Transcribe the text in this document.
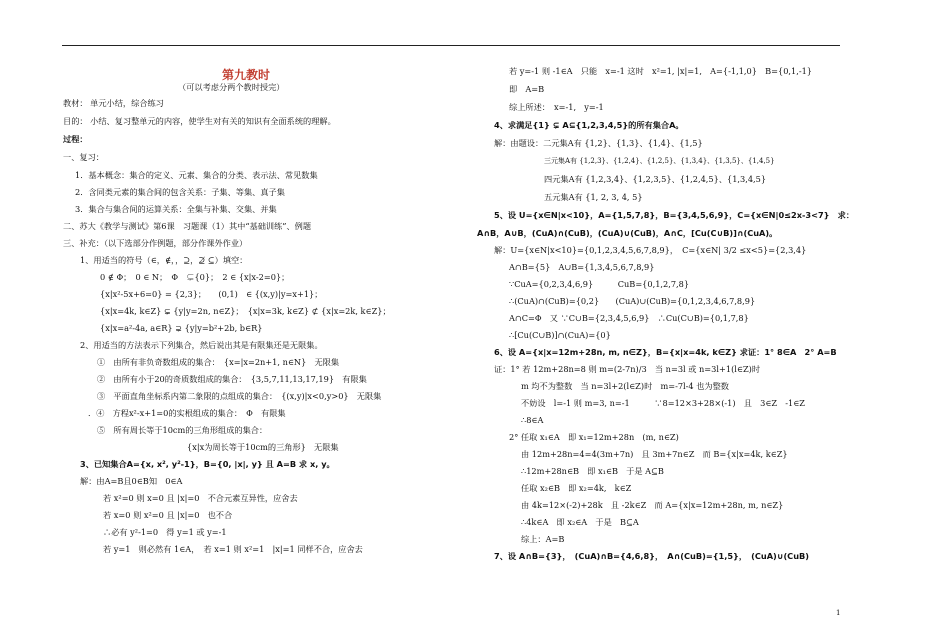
第九教时
（可以考虑分两个教时授完）
教材： 单元小结，综合练习
目的： 小结、复习整单元的内容，使学生对有关的知识有全面系统的理解。
过程：
一、复习：
1．基本概念：集合的定义、元素、集合的分类、表示法、常见数集
2．含同类元素的集合间的包含关系：子集、等集、真子集
3．集合与集合间的运算关系：全集与补集、交集、并集
二、苏大《教学与测试》第6课　习题课（1）其中“基础训练”、例题
三、补充：（以下选部分作例题，部分作课外作业）
1、用适当的符号（∈，∉，，⊇，⊉ ⊆）填空：
0 ∉ Φ；　0 ∈ N；　Φ　⊊{0}；　2 ∈ {x|x-2=0}；
{x|x²-5x+6=0} = {2,3}；　　(0,1)　∈ {(x,y)|y=x+1}；
{x|x=4k, k∈Z} ⊊ {y|y=2n, n∈Z}；　{x|x=3k, k∈Z} ⊄ {x|x=2k, k∈Z}；
{x|x=a²-4a, a∈R} ⊋ {y|y=b²+2b, b∈R}
2、用适当的方法表示下列集合，然后说出其是有限集还是无限集。
①　由所有非负奇数组成的集合：　{x=|x=2n+1, n∈N}　无限集
②　由所有小于20的奇质数组成的集合：　{3,5,7,11,13,17,19}　有限集
③　平面直角坐标系内第二象限的点组成的集合：　{(x,y)|x<0,y>0}　无限集
．④　方程x²-x+1=0的实根组成的集合：　Φ　有限集
⑤　所有周长等于10cm的三角形组成的集合：
{x|x为周长等于10cm的三角形}　无限集
3、已知集合A={x, x², y²-1}，B={0, |x|, y} 且 A=B 求 x, y。
解：由A=B且0∈B知　0∈A
若 x²=0 则 x=0 且 |x|=0　不合元素互异性，应舍去
若 x=0 则 x²=0 且 |x|=0　也不合
∴必有 y²-1=0　得 y=1 或 y=-1
若 y=1　则必然有 1∈A，　若 x=1 则 x²=1　|x|=1 同样不合，应舍去
若 y=-1 则 -1∈A　只能　x=-1 这时　x²=1, |x|=1,　A={-1,1,0}　B={0,1,-1}
即　A=B
综上所述：　x=-1,　y=-1
4、求满足{1} ⊊ A⊆{1,2,3,4,5}的所有集合A。
解：由题设：二元集A有 {1,2}、{1,3}、{1,4}、{1,5}
三元集A有 {1,2,3}、{1,2,4}、{1,2,5}、{1,3,4}、{1,3,5}、{1,4,5}
四元集A有 {1,2,3,4}、{1,2,3,5}、{1,2,4,5}、{1,3,4,5}
五元集A有 {1, 2, 3, 4, 5}
5、设 U={x∈N|x<10}，A={1,5,7,8}，B={3,4,5,6,9}，C={x∈N|0≤2x-3<7}　求：
A∩B，A∪B，(CuA)∩(CuB)，(CuA)∪(CuB)，A∩C，[Cu(C∪B)]∩(CuA)。
解：U={x∈N|x<10}={0,1,2,3,4,5,6,7,8,9}，　C={x∈N| 3/2 ≤x<5}={2,3,4}
A∩B={5}　A∪B={1,3,4,5,6,7,8,9}
∵CuA={0,2,3,4,6,9}　　　CuB={0,1,2,7,8}
∴(CuA)∩(CuB)={0,2}　　(CuA)∪(CuB)={0,1,2,3,4,6,7,8,9}
A∩C=Φ　又 ∵C∪B={2,3,4,5,6,9}　∴Cu(C∪B)={0,1,7,8}
∴[Cu(C∪B)]∩(CuA)={0}
6、设 A={x|x=12m+28n, m, n∈Z}，B={x|x=4k, k∈Z} 求证：1° 8∈A　2° A=B
证：1° 若 12m+28n=8 则 m=(2-7n)/3　当 n=3l 或 n=3l+1(l∈Z)时
m 均不为整数　当 n=3l+2(l∈Z)时　m=-7l-4 也为整数
不妨设　l=-1 则 m=3, n=-1　　　∵8=12×3+28×(-1)　且　3∈Z　-1∈Z
∴8∈A
2° 任取 x₁∈A　即 x₁=12m+28n　(m, n∈Z)
由 12m+28n=4=4(3m+7n)　且 3m+7n∈Z　而 B={x|x=4k, k∈Z}
∴12m+28n∈B　即 x₁∈B　于是 A⊆B
任取 x₂∈B　即 x₂=4k,　k∈Z
由 4k=12×(-2)+28k　且 -2k∈Z　而 A={x|x=12m+28n, m, n∈Z}
∴4k∈A　即 x₂∈A　于是　B⊆A
综上：A=B
7、设 A∩B={3}，　(CuA)∩B={4,6,8}，　A∩(CuB)={1,5}，　(CuA)∪(CuB)
1
